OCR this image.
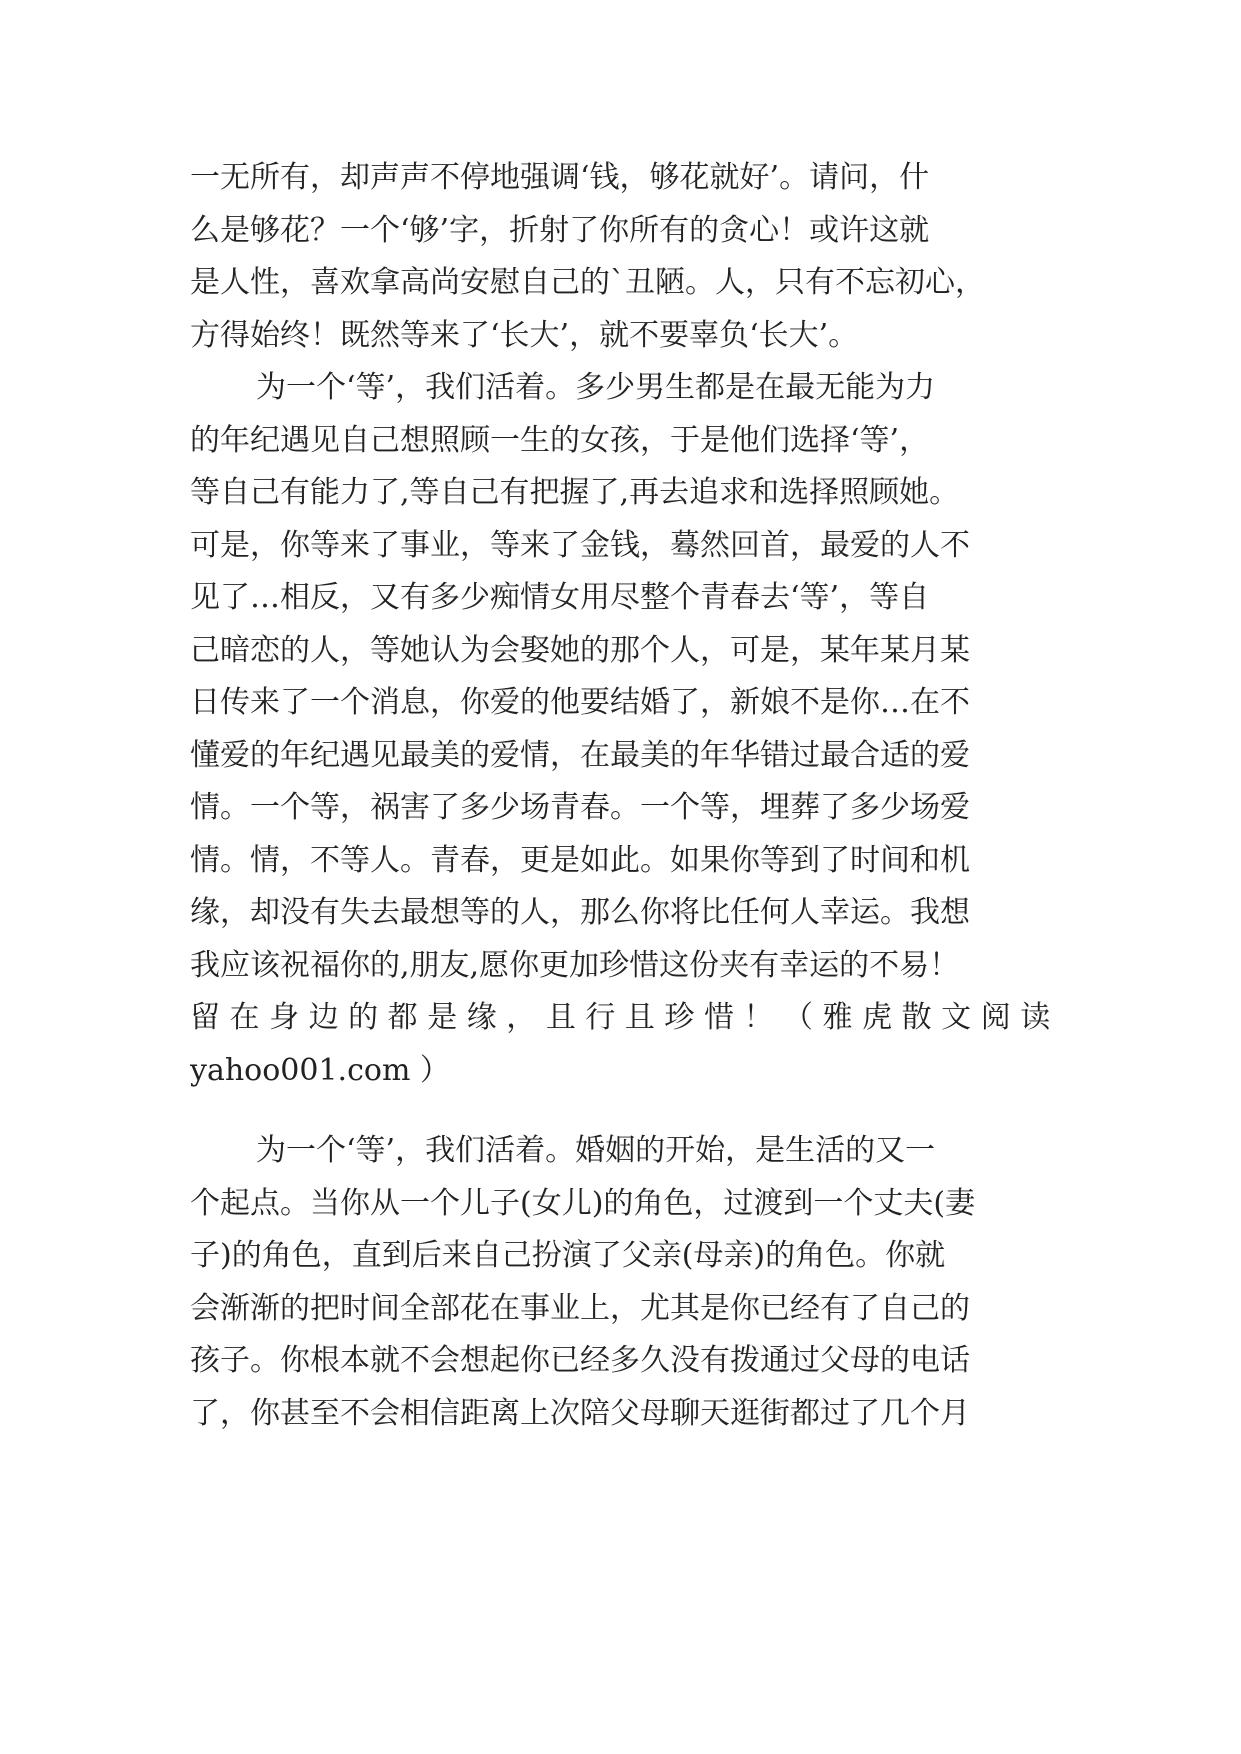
一无所有，却声声不停地强调‘钱，够花就好’。请问，什
么是够花？一个‘够’字，折射了你所有的贪心！或许这就
是人性，喜欢拿高尚安慰自己的`丑陋。人，只有不忘初心，
方得始终！既然等来了‘长大’，就不要辜负‘长大’。
为一个‘等’，我们活着。多少男生都是在最无能为力
的年纪遇见自己想照顾一生的女孩，于是他们选择‘等’，
等自己有能力了,等自己有把握了,再去追求和选择照顾她。
可是，你等来了事业，等来了金钱，蓦然回首，最爱的人不
见了…相反，又有多少痴情女用尽整个青春去‘等’，等自
己暗恋的人，等她认为会娶她的那个人，可是，某年某月某
日传来了一个消息，你爱的他要结婚了，新娘不是你…在不
懂爱的年纪遇见最美的爱情，在最美的年华错过最合适的爱
情。一个等，祸害了多少场青春。一个等，埋葬了多少场爱
情。情，不等人。青春，更是如此。如果你等到了时间和机
缘，却没有失去最想等的人，那么你将比任何人幸运。我想
我应该祝福你的,朋友,愿你更加珍惜这份夹有幸运的不易！
留 在 身 边 的 都 是 缘 ， 且 行 且 珍 惜 ！ （ 雅 虎 散 文 阅 读
yahoo001.com ）
为一个‘等’，我们活着。婚姻的开始，是生活的又一
个起点。当你从一个儿子(女儿)的角色，过渡到一个丈夫(妻
子)的角色，直到后来自己扮演了父亲(母亲)的角色。你就
会渐渐的把时间全部花在事业上，尤其是你已经有了自己的
孩子。你根本就不会想起你已经多久没有拨通过父母的电话
了，你甚至不会相信距离上次陪父母聊天逛街都过了几个月
